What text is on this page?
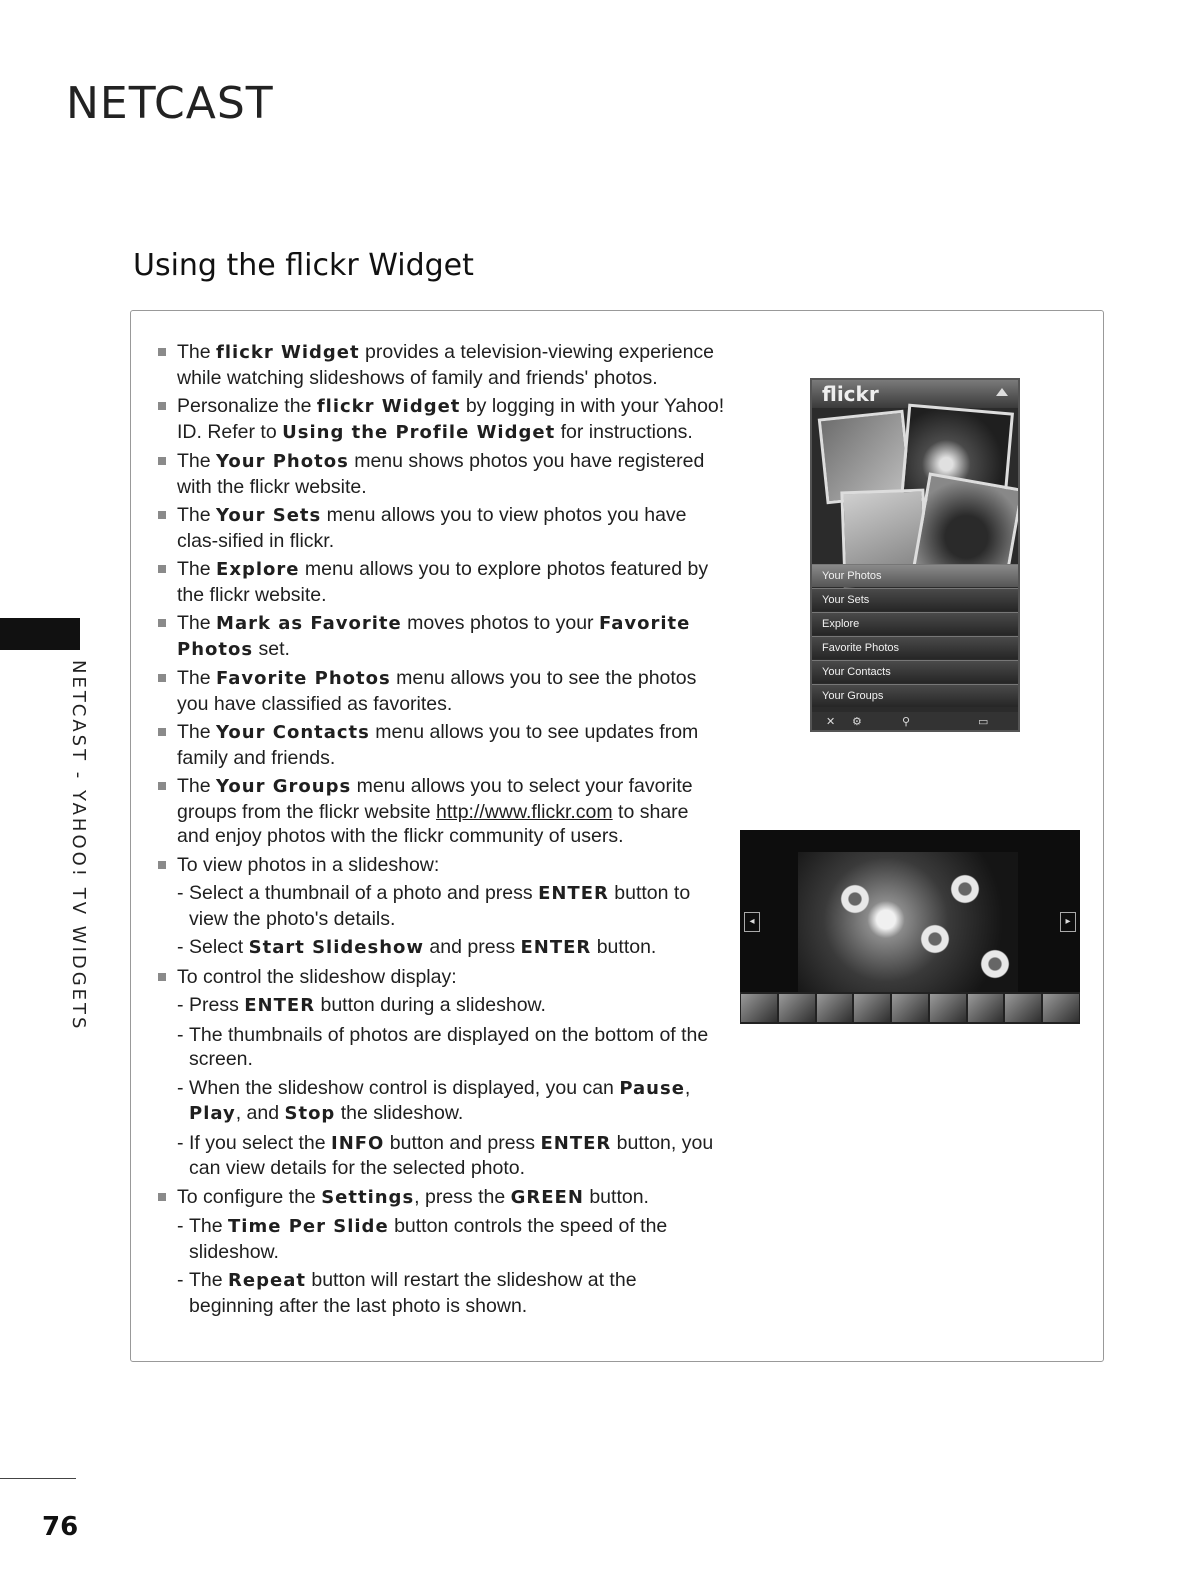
NETCAST
Using the flickr Widget
NETCAST - YAHOO! TV WIDGETS
The flickr Widget provides a television-viewing experience while watching slideshows of family and friends' photos.
Personalize the flickr Widget by logging in with your Yahoo! ID. Refer to Using the Profile Widget for instructions.
The Your Photos menu shows photos you have registered with the flickr website.
The Your Sets menu allows you to view photos you have clas-sified in flickr.
The Explore menu allows you to explore photos featured by the flickr website.
The Mark as Favorite moves photos to your Favorite Photos set.
The Favorite Photos menu allows you to see the photos you have classified as favorites.
The Your Contacts menu allows you to see updates from family and friends.
The Your Groups menu allows you to select your favorite groups from the flickr website http://www.flickr.com to share and enjoy photos with the flickr community of users.
To view photos in a slideshow:
- Select a thumbnail of a photo and press ENTER button to view the photo's details.
- Select Start Slideshow and press ENTER button.
To control the slideshow display:
- Press ENTER button during a slideshow.
- The thumbnails of photos are displayed on the bottom of the screen.
- When the slideshow control is displayed, you can Pause, Play, and Stop the slideshow.
- If you select the INFO button and press ENTER button, you can view details for the selected photo.
To configure the Settings, press the GREEN button.
- The Time Per Slide button controls the speed of the slideshow.
- The Repeat button will restart the slideshow at the beginning after the last photo is shown.
flickr
Your Photos
Your Sets
Explore
Favorite Photos
Your Contacts
Your Groups
✕ ⚙	⚲	▭
◂	▸
76
